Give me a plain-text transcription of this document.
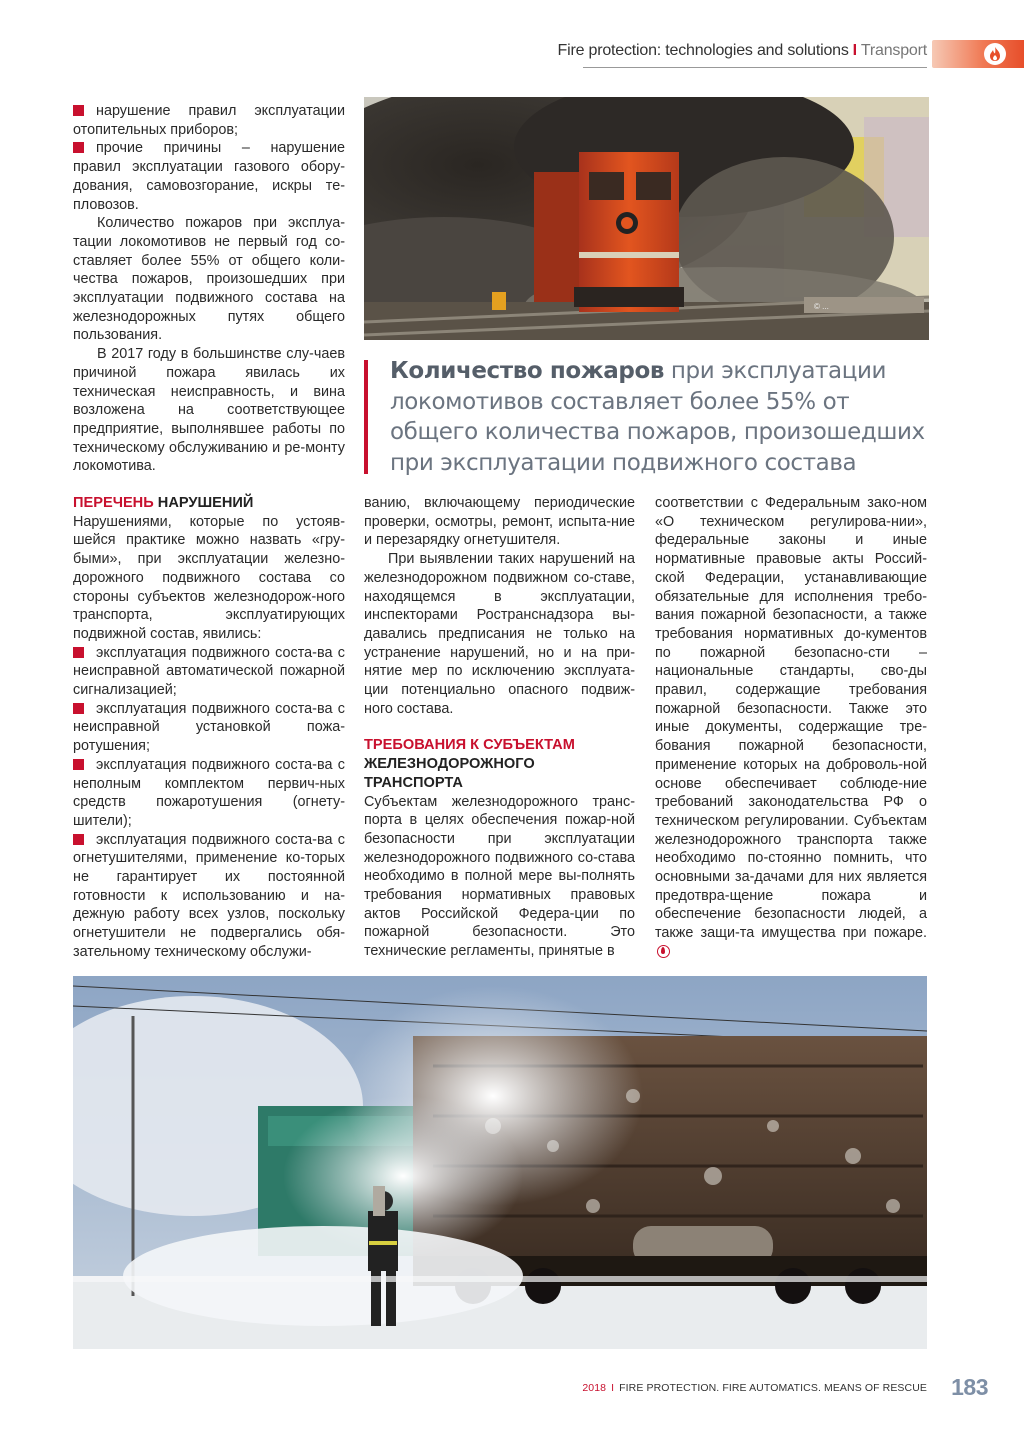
Fire protection: technologies and solutions I Transport

нарушение правил эксплуатации отопительных приборов;

прочие причины – нарушение правил эксплуатации газового обору-дования, самовозгорание, искры те-пловозов.

Количество пожаров при эксплуа-тации локомотивов не первый год со-ставляет более 55% от общего коли-чества пожаров, произошедших при эксплуатации подвижного состава на железнодорожных путях общего пользования.

В 2017 году в большинстве слу-чаев причиной пожара явилась их техническая неисправность, и вина возложена на соответствующее предприятие, выполнявшее работы по техническому обслуживанию и ре-монту локомотива.

© ...
Количество пожаров при эксплуатации локомотивов составляет более 55% от общего количества пожаров, произошедших при эксплуатации подвижного состава
ПЕРЕЧЕНЬ НАРУШЕНИЙ

Нарушениями, которые по устояв-шейся практике можно назвать «гру-быми», при эксплуатации железно-дорожного подвижного состава со стороны субъектов железнодорож-ного транспорта, эксплуатирующих подвижной состав, явились:

эксплуатация подвижного соста-ва с неисправной автоматической пожарной сигнализацией;

эксплуатация подвижного соста-ва с неисправной установкой пожа-ротушения;

эксплуатация подвижного соста-ва с неполным комплектом первич-ных средств пожаротушения (огнету-шители);

эксплуатация подвижного соста-ва с огнетушителями, применение ко-торых не гарантирует их постоянной готовности к использованию и на-дежную работу всех узлов, поскольку огнетушители не подвергались обя-зательному техническому обслужи-

ванию, включающему периодические проверки, осмотры, ремонт, испыта-ние и перезарядку огнетушителя.

При выявлении таких нарушений на железнодорожном подвижном со-ставе, находящемся в эксплуатации, инспекторами Ространснадзора вы-давались предписания не только на устранение нарушений, но и на при-нятие мер по исключению эксплуата-ции потенциально опасного подвиж-ного состава.

ТРЕБОВАНИЯ К СУБЪЕКТАМ
ЖЕЛЕЗНОДОРОЖНОГО ТРАНСПОРТА

Субъектам железнодорожного транс-порта в целях обеспечения пожар-ной безопасности при эксплуатации железнодорожного подвижного со-става необходимо в полной мере вы-полнять требования нормативных правовых актов Российской Федера-ции по пожарной безопасности. Это технические регламенты, принятые в

соответствии с Федеральным зако-ном «О техническом регулирова-нии», федеральные законы и иные нормативные правовые акты Россий-ской Федерации, устанавливающие обязательные для исполнения требо-вания пожарной безопасности, а также требования нормативных до-кументов по пожарной безопасно-сти – национальные стандарты, сво-ды правил, содержащие требования пожарной безопасности. Также это иные документы, содержащие тре-бования пожарной безопасности, применение которых на доброволь-ной основе обеспечивает соблюде-ние требований законодательства РФ о техническом регулировании. Субъектам железнодорожного транспорта также необходимо по-стоянно помнить, что основными за-дачами для них является предотвра-щение пожара и обеспечение безопасности людей, а также защи-та имущества при пожаре.

2018 I FIRE PROTECTION. FIRE AUTOMATICS. MEANS OF RESCUE 183
